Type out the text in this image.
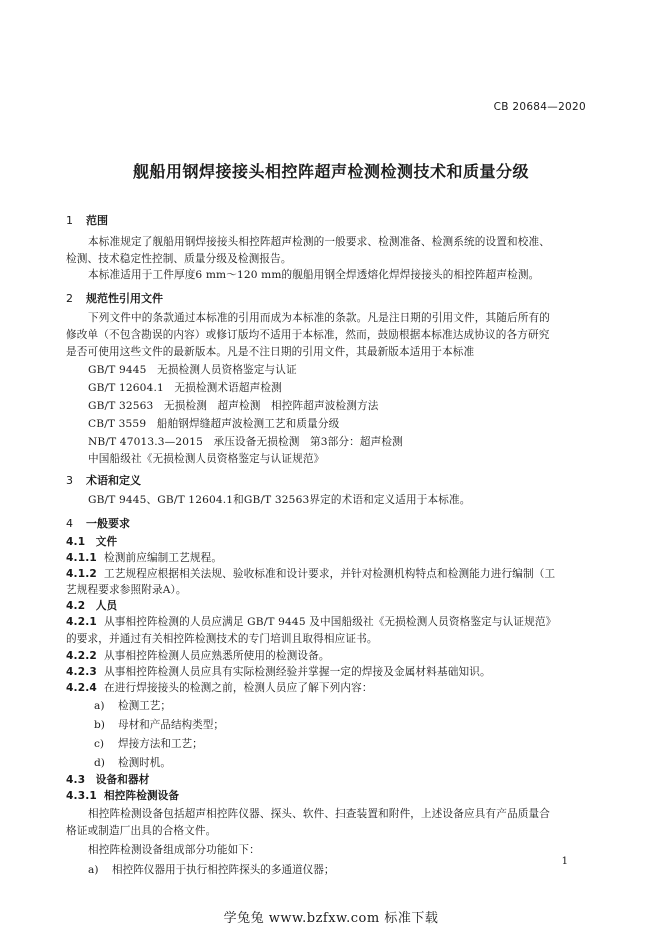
CB 20684—2020
舰船用钢焊接接头相控阵超声检测检测技术和质量分级
1 范围
本标准规定了舰船用钢焊接接头相控阵超声检测的一般要求、检测准备、检测系统的设置和校准、
检测、技术稳定性控制、质量分级及检测报告。
本标准适用于工件厚度6 mm～120 mm的舰船用钢全焊透熔化焊焊接接头的相控阵超声检测。
2 规范性引用文件
下列文件中的条款通过本标准的引用而成为本标准的条款。凡是注日期的引用文件，其随后所有的
修改单（不包含勘误的内容）或修订版均不适用于本标准，然而，鼓励根据本标准达成协议的各方研究
是否可使用这些文件的最新版本。凡是不注日期的引用文件，其最新版本适用于本标准
GB/T 9445   无损检测人员资格鉴定与认证
GB/T 12604.1   无损检测术语超声检测
GB/T 32563   无损检测   超声检测   相控阵超声波检测方法
CB/T 3559   船舶钢焊缝超声波检测工艺和质量分级
NB/T 47013.3—2015   承压设备无损检测   第3部分：超声检测
中国船级社《无损检测人员资格鉴定与认证规范》
3 术语和定义
GB/T 9445、GB/T 12604.1和GB/T 32563界定的术语和定义适用于本标准。
4 一般要求
4.1 文件
4.1.1 检测前应编制工艺规程。
4.1.2 工艺规程应根据相关法规、验收标准和设计要求，并针对检测机构特点和检测能力进行编制（工
艺规程要求参照附录A）。
4.2 人员
4.2.1 从事相控阵检测的人员应满足 GB/T 9445 及中国船级社《无损检测人员资格鉴定与认证规范》
的要求，并通过有关相控阵检测技术的专门培训且取得相应证书。
4.2.2 从事相控阵检测人员应熟悉所使用的检测设备。
4.2.3 从事相控阵检测人员应具有实际检测经验并掌握一定的焊接及金属材料基础知识。
4.2.4 在进行焊接接头的检测之前，检测人员应了解下列内容：
a) 检测工艺；
b) 母材和产品结构类型；
c) 焊接方法和工艺；
d) 检测时机。
4.3 设备和器材
4.3.1 相控阵检测设备
相控阵检测设备包括超声相控阵仪器、探头、软件、扫查装置和附件，上述设备应具有产品质量合
格证或制造厂出具的合格文件。
相控阵检测设备组成部分功能如下：
a) 相控阵仪器用于执行相控阵探头的多通道仪器；
1
学兔兔 www.bzfxw.com 标准下载
